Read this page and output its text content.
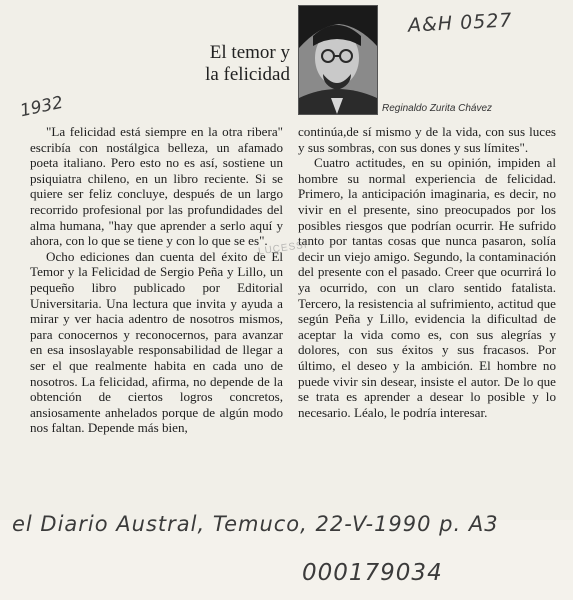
El temor y
la felicidad
Reginaldo Zurita Chávez

"La felicidad está siempre en la otra ribera" escribía con nostálgica belleza, un afamado poeta italiano. Pero esto no es así, sostiene un psiquiatra chileno, en un libro reciente. Si se quiere ser feliz concluye, después de un largo recorrido profesional por las profundidades del alma humana, "hay que aprender a serlo aquí y ahora, con lo que se tiene y con lo que se es".

Ocho ediciones dan cuenta del éxito de El Temor y la Felicidad de Sergio Peña y Lillo, un pequeño libro publicado por Editorial Universitaria. Una lectura que invita y ayuda a mirar y ver hacia adentro de nosotros mismos, para conocernos y reconocernos, para avanzar en esa insoslayable responsabilidad de llegar a ser el que realmente habita en cada uno de nosotros. La felicidad, afirma, no depende de la obtención de ciertos logros concretos, ansiosamente anhelados porque de algún modo nos faltan. Depende más bien,

continúa,de sí mismo y de la vida, con sus luces y sus sombras, con sus dones y sus límites".

Cuatro actitudes, en su opinión, impiden al hombre su normal experiencia de felicidad. Primero, la anticipación imaginaria, es decir, no vivir en el presente, sino preocupados por los posibles riesgos que podrían ocurrir. He sufrido tanto por tantas cosas que nunca pasaron, solía decir un viejo amigo. Segundo, la contaminación del presente con el pasado. Creer que ocurrirá lo ya ocurrido, con un claro sentido fatalista. Tercero, la resistencia al sufrimiento, actitud que según Peña y Lillo, evidencia la dificultad de aceptar la vida como es, con sus alegrías y dolores, con sus éxitos y sus fracasos. Por último, el deseo y la ambición. El hombre no puede vivir sin desear, insiste el autor. De lo que se trata es aprender a desear lo posible y lo necesario. Léalo, le podría interesar.

LUCESSI
1932
A&H 0527
el Diario Austral, Temuco, 22-V-1990 p. A3
000179034
